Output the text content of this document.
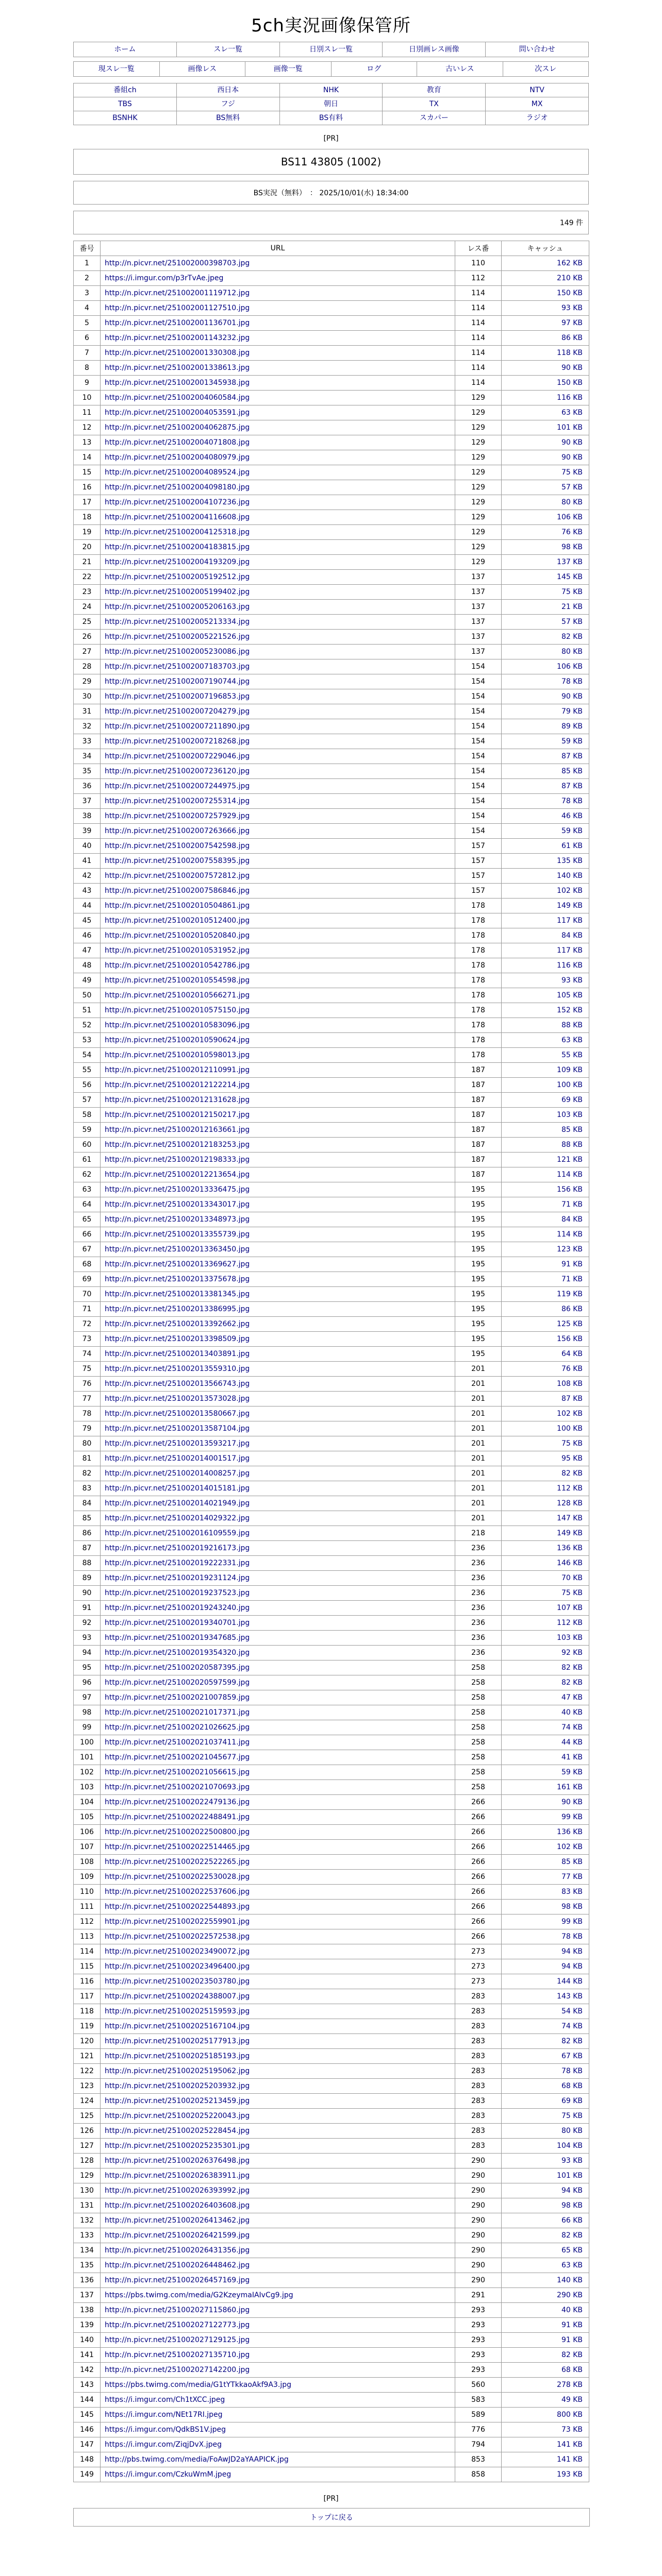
5ch実況画像保管所
ホーム	スレ一覧	日別スレ一覧	日別画レス画像	問い合わせ
現スレ一覧	画像レス	画像一覧	ログ	古いレス	次スレ
番組ch	西日本	NHK	教育	NTV

TBS	フジ	朝日	TX	MX

BSNHK	BS無料	BS有料	スカパー	ラジオ
[PR]
BS11 43805 (1002)
BS実況（無料）　： 2025/10/01(水) 18:34:00
149 件
番号	URL	レス番	キャッシュ
1	http://n.picvr.net/251002000398703.jpg	110	162 KB
2	https://i.imgur.com/p3rTvAe.jpeg	112	210 KB
3	http://n.picvr.net/251002001119712.jpg	114	150 KB
4	http://n.picvr.net/251002001127510.jpg	114	93 KB
5	http://n.picvr.net/251002001136701.jpg	114	97 KB
6	http://n.picvr.net/251002001143232.jpg	114	86 KB
7	http://n.picvr.net/251002001330308.jpg	114	118 KB
8	http://n.picvr.net/251002001338613.jpg	114	90 KB
9	http://n.picvr.net/251002001345938.jpg	114	150 KB
10	http://n.picvr.net/251002004060584.jpg	129	116 KB
11	http://n.picvr.net/251002004053591.jpg	129	63 KB
12	http://n.picvr.net/251002004062875.jpg	129	101 KB
13	http://n.picvr.net/251002004071808.jpg	129	90 KB
14	http://n.picvr.net/251002004080979.jpg	129	90 KB
15	http://n.picvr.net/251002004089524.jpg	129	75 KB
16	http://n.picvr.net/251002004098180.jpg	129	57 KB
17	http://n.picvr.net/251002004107236.jpg	129	80 KB
18	http://n.picvr.net/251002004116608.jpg	129	106 KB
19	http://n.picvr.net/251002004125318.jpg	129	76 KB
20	http://n.picvr.net/251002004183815.jpg	129	98 KB
21	http://n.picvr.net/251002004193209.jpg	129	137 KB
22	http://n.picvr.net/251002005192512.jpg	137	145 KB
23	http://n.picvr.net/251002005199402.jpg	137	75 KB
24	http://n.picvr.net/251002005206163.jpg	137	21 KB
25	http://n.picvr.net/251002005213334.jpg	137	57 KB
26	http://n.picvr.net/251002005221526.jpg	137	82 KB
27	http://n.picvr.net/251002005230086.jpg	137	80 KB
28	http://n.picvr.net/251002007183703.jpg	154	106 KB
29	http://n.picvr.net/251002007190744.jpg	154	78 KB
30	http://n.picvr.net/251002007196853.jpg	154	90 KB
31	http://n.picvr.net/251002007204279.jpg	154	79 KB
32	http://n.picvr.net/251002007211890.jpg	154	89 KB
33	http://n.picvr.net/251002007218268.jpg	154	59 KB
34	http://n.picvr.net/251002007229046.jpg	154	87 KB
35	http://n.picvr.net/251002007236120.jpg	154	85 KB
36	http://n.picvr.net/251002007244975.jpg	154	87 KB
37	http://n.picvr.net/251002007255314.jpg	154	78 KB
38	http://n.picvr.net/251002007257929.jpg	154	46 KB
39	http://n.picvr.net/251002007263666.jpg	154	59 KB
40	http://n.picvr.net/251002007542598.jpg	157	61 KB
41	http://n.picvr.net/251002007558395.jpg	157	135 KB
42	http://n.picvr.net/251002007572812.jpg	157	140 KB
43	http://n.picvr.net/251002007586846.jpg	157	102 KB
44	http://n.picvr.net/251002010504861.jpg	178	149 KB
45	http://n.picvr.net/251002010512400.jpg	178	117 KB
46	http://n.picvr.net/251002010520840.jpg	178	84 KB
47	http://n.picvr.net/251002010531952.jpg	178	117 KB
48	http://n.picvr.net/251002010542786.jpg	178	116 KB
49	http://n.picvr.net/251002010554598.jpg	178	93 KB
50	http://n.picvr.net/251002010566271.jpg	178	105 KB
51	http://n.picvr.net/251002010575150.jpg	178	152 KB
52	http://n.picvr.net/251002010583096.jpg	178	88 KB
53	http://n.picvr.net/251002010590624.jpg	178	63 KB
54	http://n.picvr.net/251002010598013.jpg	178	55 KB
55	http://n.picvr.net/251002012110991.jpg	187	109 KB
56	http://n.picvr.net/251002012122214.jpg	187	100 KB
57	http://n.picvr.net/251002012131628.jpg	187	69 KB
58	http://n.picvr.net/251002012150217.jpg	187	103 KB
59	http://n.picvr.net/251002012163661.jpg	187	85 KB
60	http://n.picvr.net/251002012183253.jpg	187	88 KB
61	http://n.picvr.net/251002012198333.jpg	187	121 KB
62	http://n.picvr.net/251002012213654.jpg	187	114 KB
63	http://n.picvr.net/251002013336475.jpg	195	156 KB
64	http://n.picvr.net/251002013343017.jpg	195	71 KB
65	http://n.picvr.net/251002013348973.jpg	195	84 KB
66	http://n.picvr.net/251002013355739.jpg	195	114 KB
67	http://n.picvr.net/251002013363450.jpg	195	123 KB
68	http://n.picvr.net/251002013369627.jpg	195	91 KB
69	http://n.picvr.net/251002013375678.jpg	195	71 KB
70	http://n.picvr.net/251002013381345.jpg	195	119 KB
71	http://n.picvr.net/251002013386995.jpg	195	86 KB
72	http://n.picvr.net/251002013392662.jpg	195	125 KB
73	http://n.picvr.net/251002013398509.jpg	195	156 KB
74	http://n.picvr.net/251002013403891.jpg	195	64 KB
75	http://n.picvr.net/251002013559310.jpg	201	76 KB
76	http://n.picvr.net/251002013566743.jpg	201	108 KB
77	http://n.picvr.net/251002013573028.jpg	201	87 KB
78	http://n.picvr.net/251002013580667.jpg	201	102 KB
79	http://n.picvr.net/251002013587104.jpg	201	100 KB
80	http://n.picvr.net/251002013593217.jpg	201	75 KB
81	http://n.picvr.net/251002014001517.jpg	201	95 KB
82	http://n.picvr.net/251002014008257.jpg	201	82 KB
83	http://n.picvr.net/251002014015181.jpg	201	112 KB
84	http://n.picvr.net/251002014021949.jpg	201	128 KB
85	http://n.picvr.net/251002014029322.jpg	201	147 KB
86	http://n.picvr.net/251002016109559.jpg	218	149 KB
87	http://n.picvr.net/251002019216173.jpg	236	136 KB
88	http://n.picvr.net/251002019222331.jpg	236	146 KB
89	http://n.picvr.net/251002019231124.jpg	236	70 KB
90	http://n.picvr.net/251002019237523.jpg	236	75 KB
91	http://n.picvr.net/251002019243240.jpg	236	107 KB
92	http://n.picvr.net/251002019340701.jpg	236	112 KB
93	http://n.picvr.net/251002019347685.jpg	236	103 KB
94	http://n.picvr.net/251002019354320.jpg	236	92 KB
95	http://n.picvr.net/251002020587395.jpg	258	82 KB
96	http://n.picvr.net/251002020597599.jpg	258	82 KB
97	http://n.picvr.net/251002021007859.jpg	258	47 KB
98	http://n.picvr.net/251002021017371.jpg	258	40 KB
99	http://n.picvr.net/251002021026625.jpg	258	74 KB
100	http://n.picvr.net/251002021037411.jpg	258	44 KB
101	http://n.picvr.net/251002021045677.jpg	258	41 KB
102	http://n.picvr.net/251002021056615.jpg	258	59 KB
103	http://n.picvr.net/251002021070693.jpg	258	161 KB
104	http://n.picvr.net/251002022479136.jpg	266	90 KB
105	http://n.picvr.net/251002022488491.jpg	266	99 KB
106	http://n.picvr.net/251002022500800.jpg	266	136 KB
107	http://n.picvr.net/251002022514465.jpg	266	102 KB
108	http://n.picvr.net/251002022522265.jpg	266	85 KB
109	http://n.picvr.net/251002022530028.jpg	266	77 KB
110	http://n.picvr.net/251002022537606.jpg	266	83 KB
111	http://n.picvr.net/251002022544893.jpg	266	98 KB
112	http://n.picvr.net/251002022559901.jpg	266	99 KB
113	http://n.picvr.net/251002022572538.jpg	266	78 KB
114	http://n.picvr.net/251002023490072.jpg	273	94 KB
115	http://n.picvr.net/251002023496400.jpg	273	94 KB
116	http://n.picvr.net/251002023503780.jpg	273	144 KB
117	http://n.picvr.net/251002024388007.jpg	283	143 KB
118	http://n.picvr.net/251002025159593.jpg	283	54 KB
119	http://n.picvr.net/251002025167104.jpg	283	74 KB
120	http://n.picvr.net/251002025177913.jpg	283	82 KB
121	http://n.picvr.net/251002025185193.jpg	283	67 KB
122	http://n.picvr.net/251002025195062.jpg	283	78 KB
123	http://n.picvr.net/251002025203932.jpg	283	68 KB
124	http://n.picvr.net/251002025213459.jpg	283	69 KB
125	http://n.picvr.net/251002025220043.jpg	283	75 KB
126	http://n.picvr.net/251002025228454.jpg	283	80 KB
127	http://n.picvr.net/251002025235301.jpg	283	104 KB
128	http://n.picvr.net/251002026376498.jpg	290	93 KB
129	http://n.picvr.net/251002026383911.jpg	290	101 KB
130	http://n.picvr.net/251002026393992.jpg	290	94 KB
131	http://n.picvr.net/251002026403608.jpg	290	98 KB
132	http://n.picvr.net/251002026413462.jpg	290	66 KB
133	http://n.picvr.net/251002026421599.jpg	290	82 KB
134	http://n.picvr.net/251002026431356.jpg	290	65 KB
135	http://n.picvr.net/251002026448462.jpg	290	63 KB
136	http://n.picvr.net/251002026457169.jpg	290	140 KB
137	https://pbs.twimg.com/media/G2KzeymaIAIvCg9.jpg	291	290 KB
138	http://n.picvr.net/251002027115860.jpg	293	40 KB
139	http://n.picvr.net/251002027122773.jpg	293	91 KB
140	http://n.picvr.net/251002027129125.jpg	293	91 KB
141	http://n.picvr.net/251002027135710.jpg	293	82 KB
142	http://n.picvr.net/251002027142200.jpg	293	68 KB
143	https://pbs.twimg.com/media/G1tYTkkaoAkf9A3.jpg	560	278 KB
144	https://i.imgur.com/Ch1tXCC.jpeg	583	49 KB
145	https://i.imgur.com/NEt17RI.jpeg	589	800 KB
146	https://i.imgur.com/QdkBS1V.jpeg	776	73 KB
147	https://i.imgur.com/ZiqjDvX.jpeg	794	141 KB
148	http://pbs.twimg.com/media/FoAwJD2aYAAPICK.jpg	853	141 KB
149	https://i.imgur.com/CzkuWmM.jpeg	858	193 KB
[PR]
トップに戻る
